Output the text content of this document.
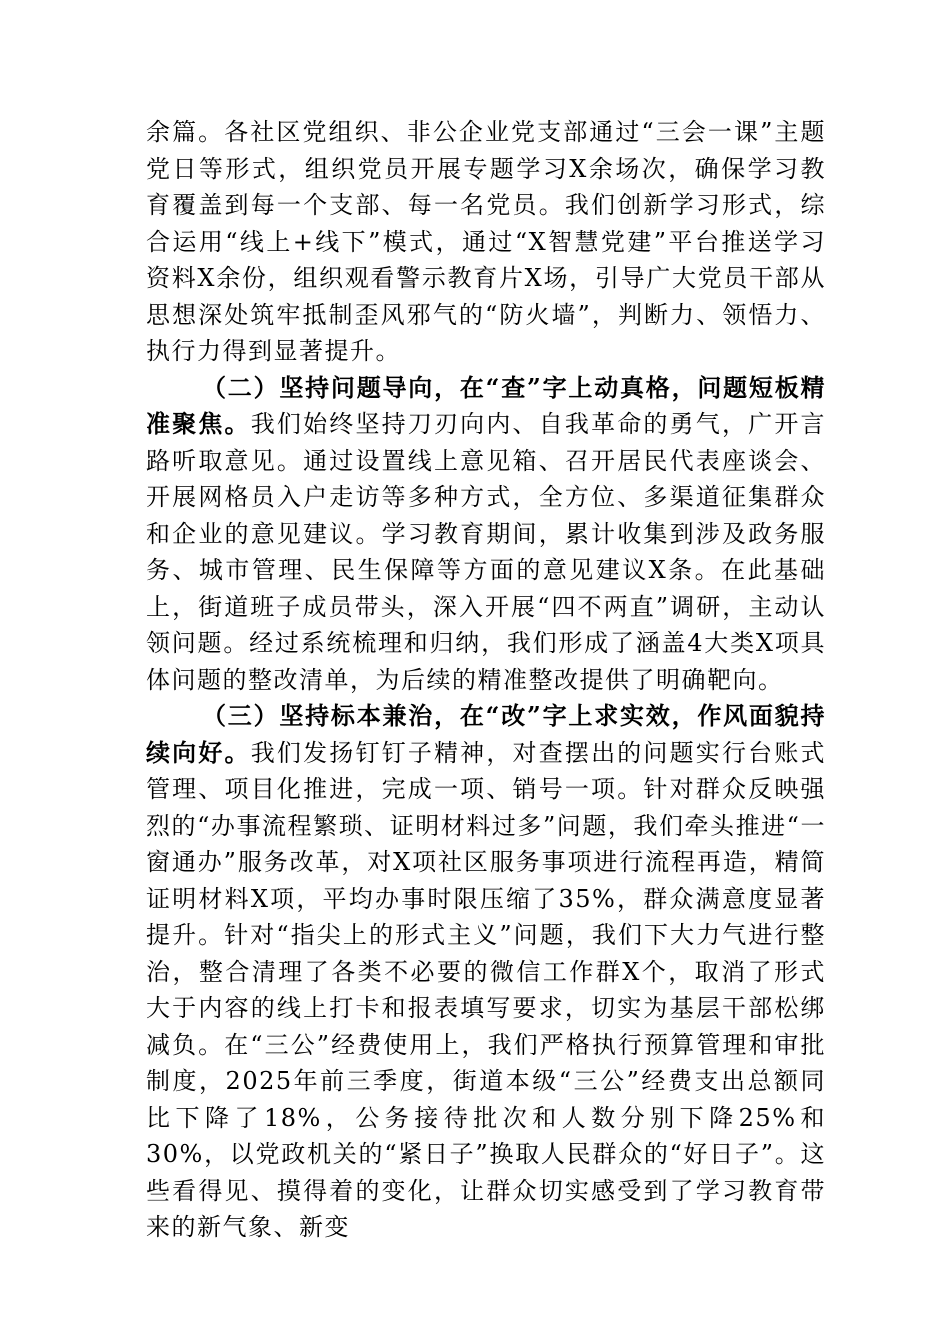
余篇。各社区党组织、非公企业党支部通过“三会一课”主题党日等形式，组织党员开展专题学习X余场次，确保学习教育覆盖到每一个支部、每一名党员。我们创新学习形式，综合运用“线上+线下”模式，通过“X智慧党建”平台推送学习资料X余份，组织观看警示教育片X场，引导广大党员干部从思想深处筑牢抵制歪风邪气的“防火墙”，判断力、领悟力、执行力得到显著提升。

（二）坚持问题导向，在“查”字上动真格，问题短板精准聚焦。我们始终坚持刀刃向内、自我革命的勇气，广开言路听取意见。通过设置线上意见箱、召开居民代表座谈会、开展网格员入户走访等多种方式，全方位、多渠道征集群众和企业的意见建议。学习教育期间，累计收集到涉及政务服务、城市管理、民生保障等方面的意见建议X条。在此基础上，街道班子成员带头，深入开展“四不两直”调研，主动认领问题。经过系统梳理和归纳，我们形成了涵盖4大类X项具体问题的整改清单，为后续的精准整改提供了明确靶向。

（三）坚持标本兼治，在“改”字上求实效，作风面貌持续向好。我们发扬钉钉子精神，对查摆出的问题实行台账式管理、项目化推进，完成一项、销号一项。针对群众反映强烈的“办事流程繁琐、证明材料过多”问题，我们牵头推进“一窗通办”服务改革，对X项社区服务事项进行流程再造，精简证明材料X项，平均办事时限压缩了35%，群众满意度显著提升。针对“指尖上的形式主义”问题，我们下大力气进行整治，整合清理了各类不必要的微信工作群X个，取消了形式大于内容的线上打卡和报表填写要求，切实为基层干部松绑减负。在“三公”经费使用上，我们严格执行预算管理和审批制度，2025年前三季度，街道本级“三公”经费支出总额同比下降了18%，公务接待批次和人数分别下降25%和30%，以党政机关的“紧日子”换取人民群众的“好日子”。这些看得见、摸得着的变化，让群众切实感受到了学习教育带来的新气象、新变
